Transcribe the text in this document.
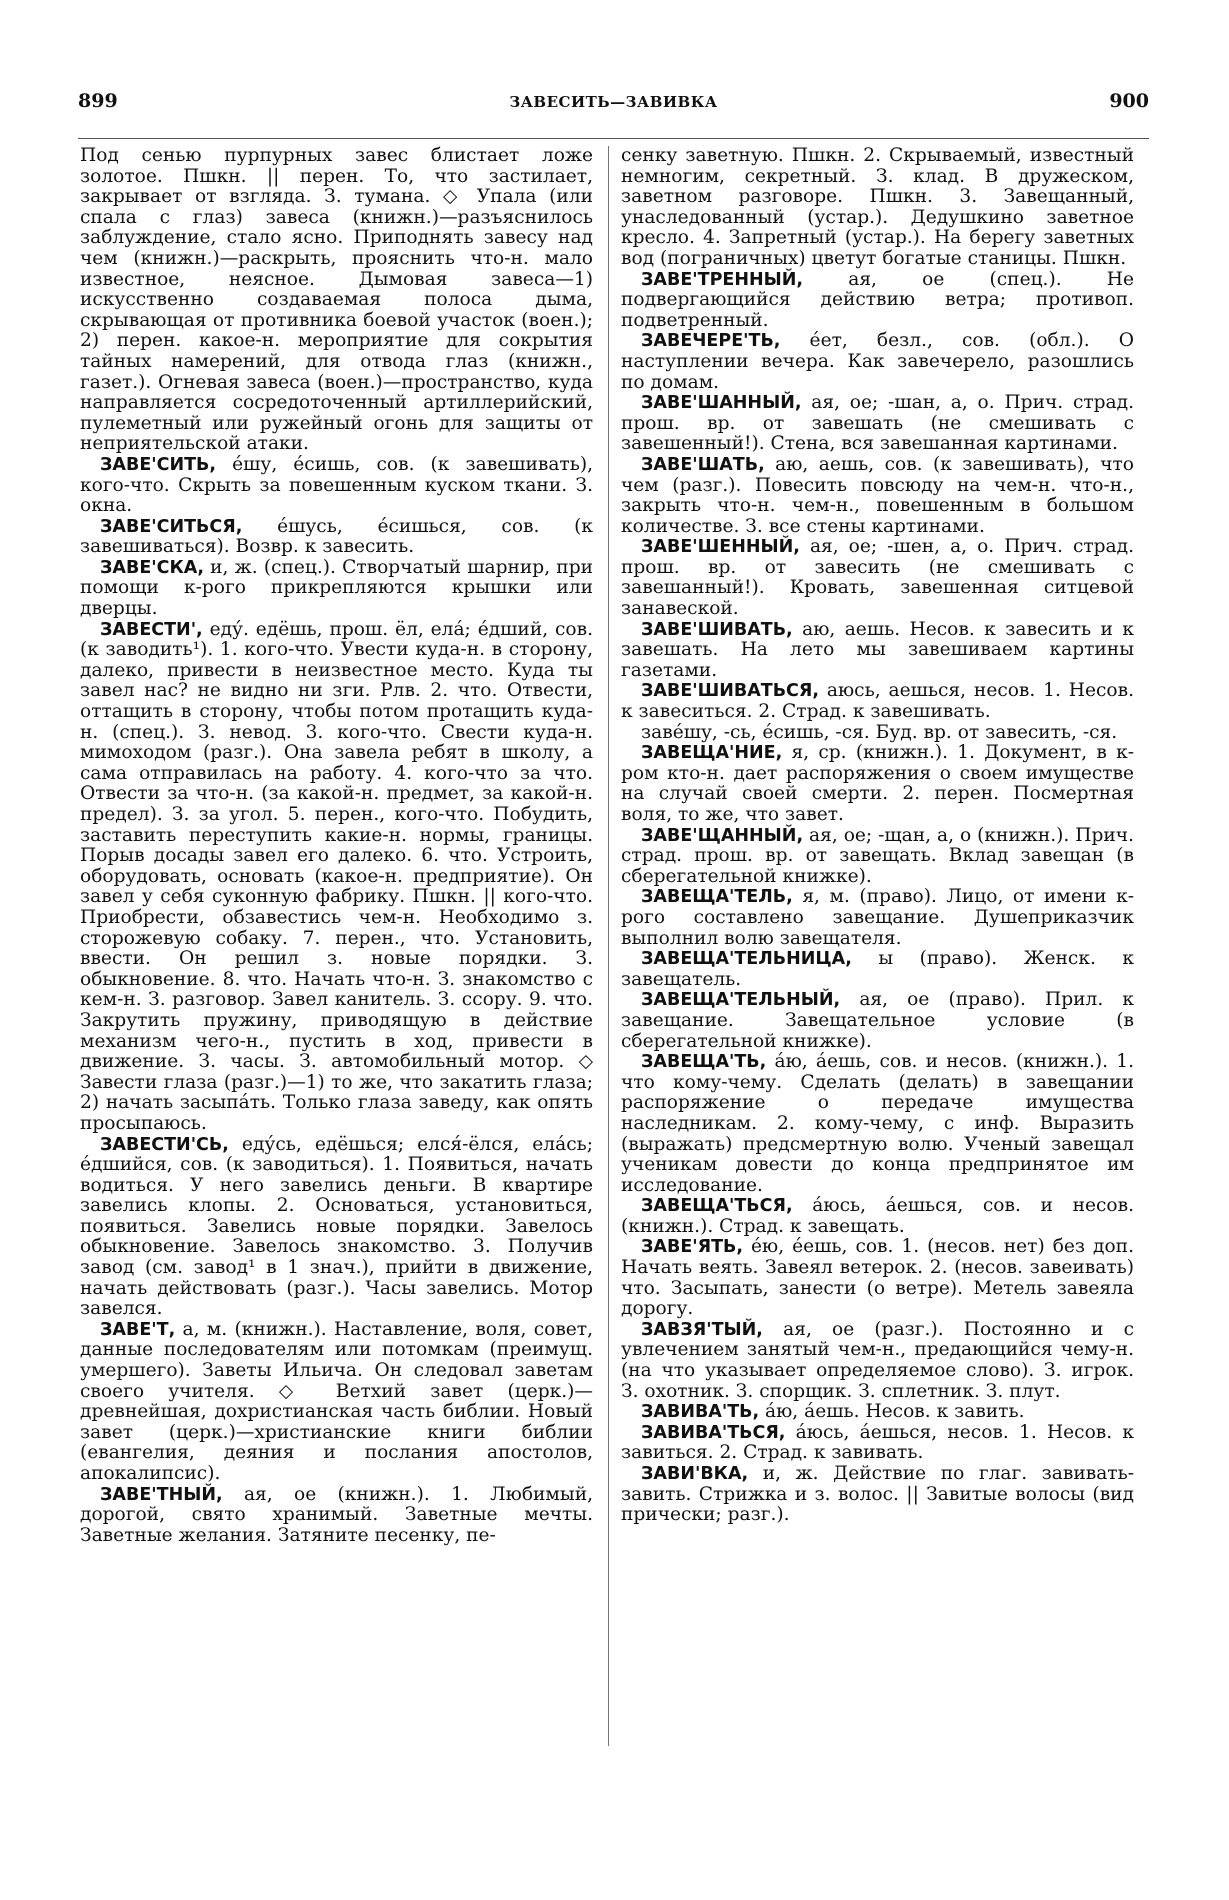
899	ЗАВЕСИТЬ—ЗАВИВКА	900

Под сенью пурпурных завес блистает ложе золотое. Пшкн. || перен. То, что застилает, закрывает от взгляда. З. тумана. ◇ Упала (или спала с глаз) завеса (книжн.)—разъяснилось заблуждение, стало ясно. Приподнять завесу над чем (книжн.)—раскрыть, прояснить что-н. мало известное, неясное. Дымовая завеса—1) искусственно создаваемая полоса дыма, скрывающая от противника боевой участок (воен.); 2) перен. какое-н. мероприятие для сокрытия тайных намерений, для отвода глаз (книжн., газет.). Огневая завеса (воен.)—пространство, куда направляется сосредоточенный артиллерийский, пулеметный или ружейный огонь для защиты от неприятельской атаки.

ЗАВЕ'СИТЬ, е́шу, е́сишь, сов. (к завешивать), кого-что. Скрыть за повешенным куском ткани. З. окна.

ЗАВЕ'СИТЬСЯ, е́шусь, е́сишься, сов. (к завешиваться). Возвр. к завесить.

ЗАВЕ'СКА, и, ж. (спец.). Створчатый шарнир, при помощи к-рого прикрепляются крышки или дверцы.

ЗАВЕСТИ', еду́. едёшь, прош. ёл, ела́; е́дший, сов. (к заводить¹). 1. кого-что. Увести куда-н. в сторону, далеко, привести в неизвестное место. Куда ты завел нас? не видно ни зги. Рлв. 2. что. Отвести, оттащить в сторону, чтобы потом протащить куда-н. (спец.). З. невод. 3. кого-что. Свести куда-н. мимоходом (разг.). Она завела ребят в школу, а сама отправилась на работу. 4. кого-что за что. Отвести за что-н. (за какой-н. предмет, за какой-н. предел). З. за угол. 5. перен., кого-что. Побудить, заставить переступить какие-н. нормы, границы. Порыв досады завел его далеко. 6. что. Устроить, оборудовать, основать (какое-н. предприятие). Он завел у себя суконную фабрику. Пшкн. || кого-что. Приобрести, обзавестись чем-н. Необходимо з. сторожевую собаку. 7. перен., что. Установить, ввести. Он решил з. новые порядки. З. обыкновение. 8. что. Начать что-н. З. знакомство с кем-н. З. разговор. Завел канитель. З. ссору. 9. что. Закрутить пружину, приводящую в действие механизм чего-н., пустить в ход, привести в движение. З. часы. З. автомобильный мотор. ◇ Завести глаза (разг.)—1) то же, что закатить глаза; 2) начать засыпа́ть. Только глаза заведу, как опять просыпаюсь.

ЗАВЕСТИ'СЬ, еду́сь, едёшься; елся́-ёлся, ела́сь; е́дшийся, сов. (к заводиться). 1. Появиться, начать водиться. У него завелись деньги. В квартире завелись клопы. 2. Основаться, установиться, появиться. Завелись новые порядки. Завелось обыкновение. Завелось знакомство. 3. Получив завод (см. завод¹ в 1 знач.), прийти в движение, начать действовать (разг.). Часы завелись. Мотор завелся.

ЗАВЕ'Т, а, м. (книжн.). Наставление, воля, совет, данные последователям или потомкам (преимущ. умершего). Заветы Ильича. Он следовал заветам своего учителя. ◇ Ветхий завет (церк.)—древнейшая, дохристианская часть библии. Новый завет (церк.)—христианские книги библии (евангелия, деяния и послания апостолов, апокалипсис).

ЗАВЕ'ТНЫЙ, ая, ое (книжн.). 1. Любимый, дорогой, свято хранимый. Заветные мечты. Заветные желания. Затяните песенку, пе-

сенку заветную. Пшкн. 2. Скрываемый, известный немногим, секретный. З. клад. В дружеском, заветном разговоре. Пшкн. 3. Завещанный, унаследованный (устар.). Дедушкино заветное кресло. 4. Запретный (устар.). На берегу заветных вод (пограничных) цветут богатые станицы. Пшкн.

ЗАВЕ'ТРЕННЫЙ, ая, ое (спец.). Не подвергающийся действию ветра; противоп. подветренный.

ЗАВЕЧЕРЕ'ТЬ, е́ет, безл., сов. (обл.). О наступлении вечера. Как завечерело, разошлись по домам.

ЗАВЕ'ШАННЫЙ, ая, ое; -шан, а, о. Прич. страд. прош. вр. от завешать (не смешивать с завешенный!). Стена, вся завешанная картинами.

ЗАВЕ'ШАТЬ, аю, аешь, сов. (к завешивать), что чем (разг.). Повесить повсюду на чем-н. что-н., закрыть что-н. чем-н., повешенным в большом количестве. З. все стены картинами.

ЗАВЕ'ШЕННЫЙ, ая, ое; -шен, а, о. Прич. страд. прош. вр. от завесить (не смешивать с завешанный!). Кровать, завешенная ситцевой занавеской.

ЗАВЕ'ШИВАТЬ, аю, аешь. Несов. к завесить и к завешать. На лето мы завешиваем картины газетами.

ЗАВЕ'ШИВАТЬСЯ, аюсь, аешься, несов. 1. Несов. к завеситься. 2. Страд. к завешивать.

заве́шу, -сь, е́сишь, -ся. Буд. вр. от завесить, -ся.

ЗАВЕЩА'НИЕ, я, ср. (книжн.). 1. Документ, в к-ром кто-н. дает распоряжения о своем имуществе на случай своей смерти. 2. перен. Посмертная воля, то же, что завет.

ЗАВЕ'ЩАННЫЙ, ая, ое; -щан, а, о (книжн.). Прич. страд. прош. вр. от завещать. Вклад завещан (в сберегательной книжке).

ЗАВЕЩА'ТЕЛЬ, я, м. (право). Лицо, от имени к-рого составлено завещание. Душеприказчик выполнил волю завещателя.

ЗАВЕЩА'ТЕЛЬНИЦА, ы (право). Женск. к завещатель.

ЗАВЕЩА'ТЕЛЬНЫЙ, ая, ое (право). Прил. к завещание. Завещательное условие (в сберегательной книжке).

ЗАВЕЩА'ТЬ, а́ю, а́ешь, сов. и несов. (книжн.). 1. что кому-чему. Сделать (делать) в завещании распоряжение о передаче имущества наследникам. 2. кому-чему, с инф. Выразить (выражать) предсмертную волю. Ученый завещал ученикам довести до конца предпринятое им исследование.

ЗАВЕЩА'ТЬСЯ, а́юсь, а́ешься, сов. и несов. (книжн.). Страд. к завещать.

ЗАВЕ'ЯТЬ, е́ю, е́ешь, сов. 1. (несов. нет) без доп. Начать веять. Завеял ветерок. 2. (несов. завеивать) что. Засыпать, занести (о ветре). Метель завеяла дорогу.

ЗАВЗЯ'ТЫЙ, ая, ое (разг.). Постоянно и с увлечением занятый чем-н., предающийся чему-н. (на что указывает определяемое слово). З. игрок. З. охотник. З. спорщик. З. сплетник. З. плут.

ЗАВИВА'ТЬ, а́ю, а́ешь. Несов. к завить.

ЗАВИВА'ТЬСЯ, а́юсь, а́ешься, несов. 1. Несов. к завиться. 2. Страд. к завивать.

ЗАВИ'ВКА, и, ж. Действие по глаг. завивать-завить. Стрижка и з. волос. || Завитые волосы (вид прически; разг.).
